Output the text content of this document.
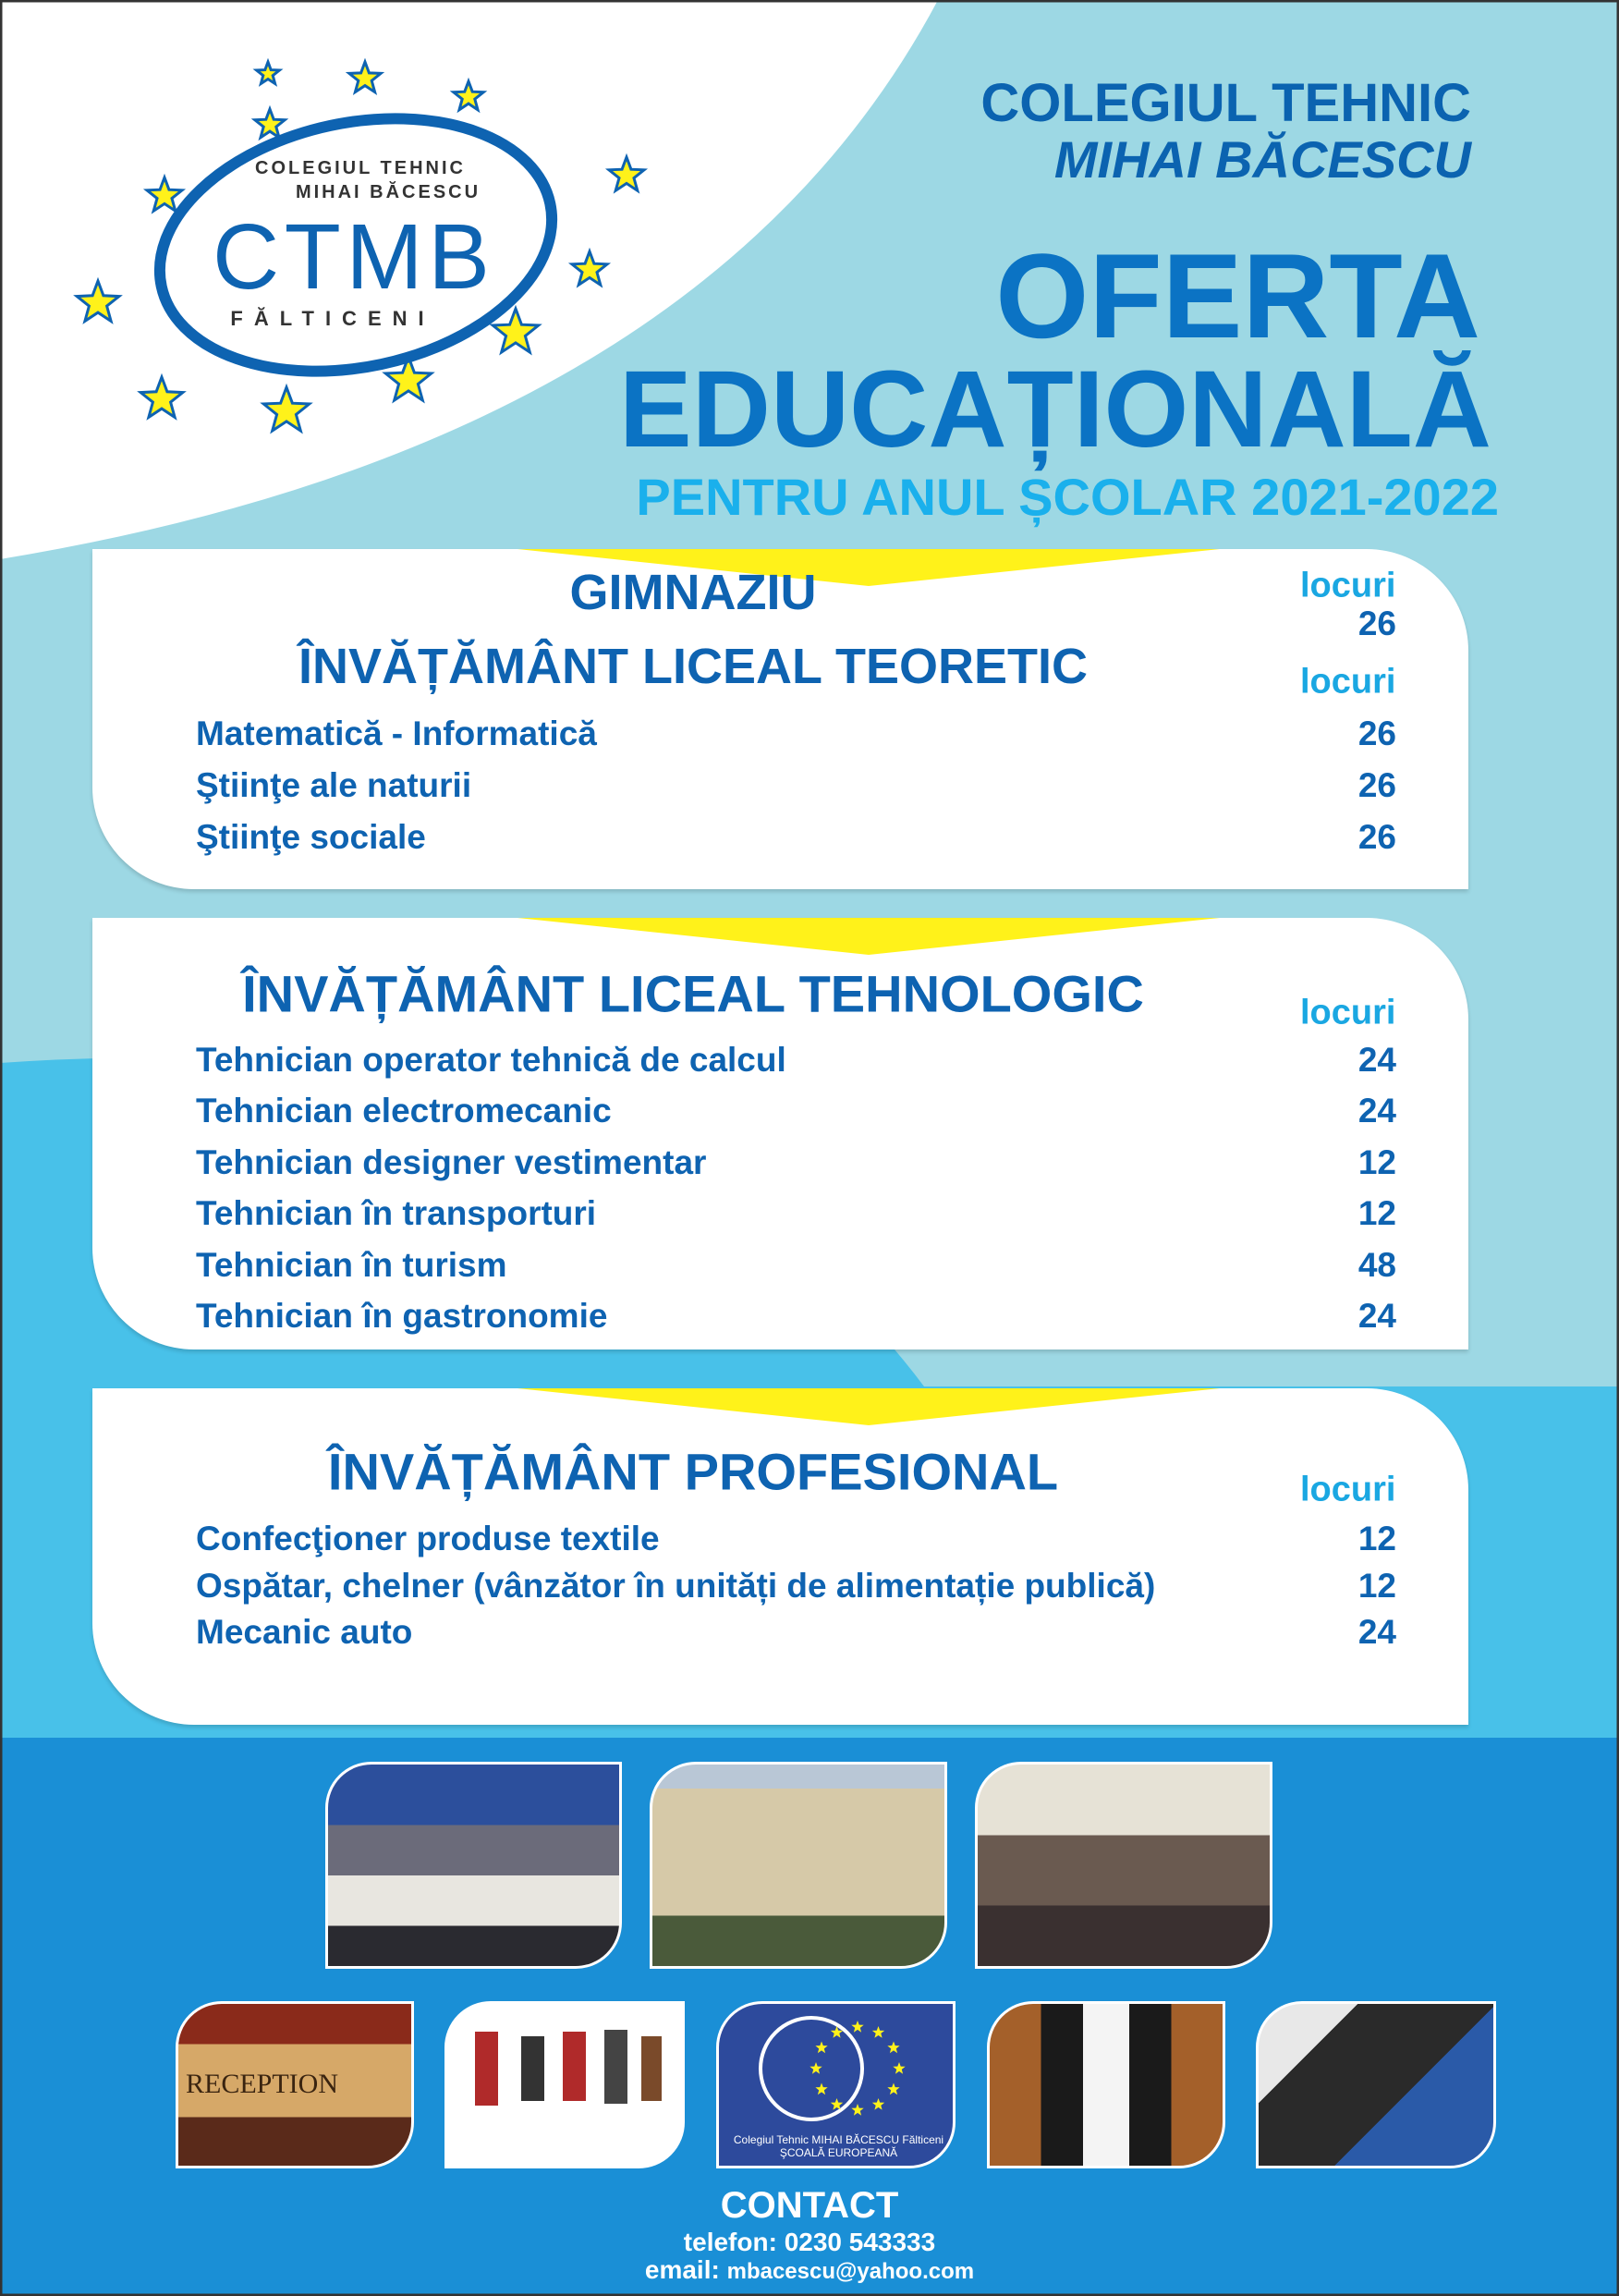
COLEGIUL TEHNIC
MIHAI BĂCESCU
CTMB
FĂLTICENI
COLEGIUL TEHNIC
MIHAI BĂCESCU
OFERTA
EDUCAȚIONALĂ
PENTRU ANUL ȘCOLAR 2021-2022
GIMNAZIU	locuri
26
ÎNVĂȚĂMÂNT LICEAL TEORETIC	locuri
Matematică - Informatică	26
Ştiinţe ale naturii	26
Ştiinţe sociale	26
ÎNVĂȚĂMÂNT LICEAL TEHNOLOGIC	locuri
Tehnician operator tehnică de calcul	24
Tehnician electromecanic	24
Tehnician designer vestimentar	12
Tehnician în transporturi	12
Tehnician în turism	48
Tehnician în gastronomie	24
ÎNVĂȚĂMÂNT PROFESIONAL	locuri
Confecţioner produse textile	12
Ospătar, chelner (vânzător în unități de alimentație publică)	12
Mecanic auto	24
RECEPTION
Colegiul Tehnic MIHAI BĂCESCU Fălticeni
ŞCOALĂ EUROPEANĂ
CONTACT
telefon: 0230 543333
email: mbacescu@yahoo.com
